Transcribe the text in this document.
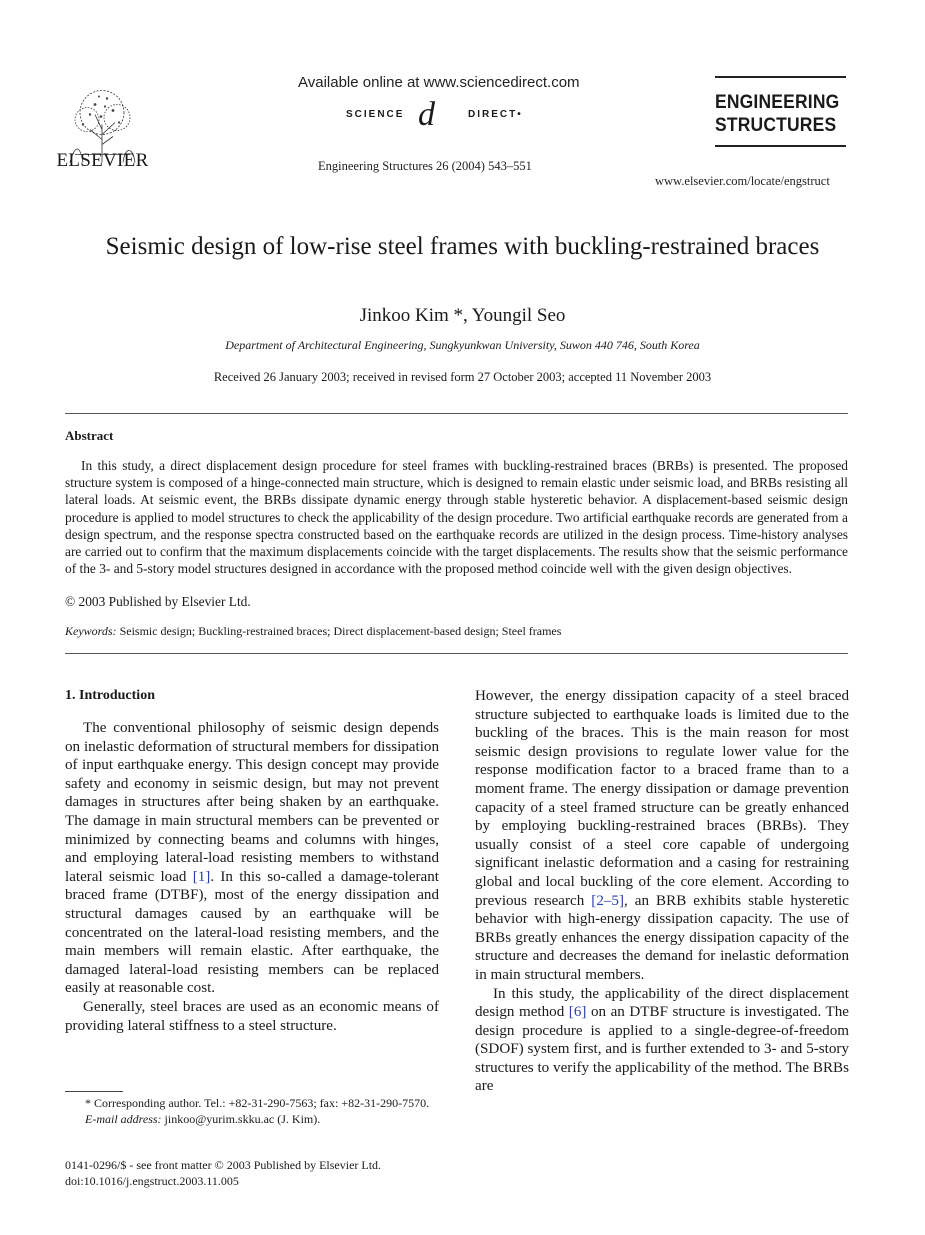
ELSEVIER
Available online at www.sciencedirect.com
SCIENCE d	DIRECT•
Engineering Structures 26 (2004) 543–551
ENGINEERING
STRUCTURES
www.elsevier.com/locate/engstruct
Seismic design of low-rise steel frames with buckling-restrained braces
Jinkoo Kim *, Youngil Seo
Department of Architectural Engineering, Sungkyunkwan University, Suwon 440 746, South Korea
Received 26 January 2003; received in revised form 27 October 2003; accepted 11 November 2003
Abstract
In this study, a direct displacement design procedure for steel frames with buckling-restrained braces (BRBs) is presented. The proposed structure system is composed of a hinge-connected main structure, which is designed to remain elastic under seismic load, and BRBs resisting all lateral loads. At seismic event, the BRBs dissipate dynamic energy through stable hysteretic behavior. A displacement-based seismic design procedure is applied to model structures to check the applicability of the design procedure. Two artificial earthquake records are generated from a design spectrum, and the response spectra constructed based on the earthquake records are utilized in the design process. Time-history analyses are carried out to confirm that the maximum displacements coincide with the target displacements. The results show that the seismic performance of the 3- and 5-story model structures designed in accordance with the proposed method coincide well with the given design objectives.
© 2003 Published by Elsevier Ltd.
Keywords: Seismic design; Buckling-restrained braces; Direct displacement-based design; Steel frames
1. Introduction

The conventional philosophy of seismic design depends on inelastic deformation of structural members for dissipation of input earthquake energy. This design concept may provide safety and economy in seismic design, but may not prevent damages in structures after being shaken by an earthquake. The damage in main structural members can be prevented or minimized by connecting beams and columns with hinges, and employing lateral-load resisting members to withstand lateral seismic load [1]. In this so-called a damage-tolerant braced frame (DTBF), most of the energy dissipation and structural damages caused by an earthquake will be concentrated on the lateral-load resisting members, and the main members will remain elastic. After earthquake, the damaged lateral-load resisting members can be replaced easily at reasonable cost.

Generally, steel braces are used as an economic means of providing lateral stiffness to a steel structure.

However, the energy dissipation capacity of a steel braced structure subjected to earthquake loads is limited due to the buckling of the braces. This is the main reason for most seismic design provisions to regulate lower value for the response modification factor to a braced frame than to a moment frame. The energy dissipation or damage prevention capacity of a steel framed structure can be greatly enhanced by employing buckling-restrained braces (BRBs). They usually consist of a steel core capable of undergoing significant inelastic deformation and a casing for restraining global and local buckling of the core element. According to previous research [2–5], an BRB exhibits stable hysteretic behavior with high-energy dissipation capacity. The use of BRBs greatly enhances the energy dissipation capacity of the structure and decreases the demand for inelastic deformation in main structural members.

In this study, the applicability of the direct displacement design method [6] on an DTBF structure is investigated. The design procedure is applied to a single-degree-of-freedom (SDOF) system first, and is further extended to 3- and 5-story structures to verify the applicability of the method. The BRBs are

* Corresponding author. Tel.: +82-31-290-7563; fax: +82-31-290-7570.
E-mail address: jinkoo@yurim.skku.ac (J. Kim).
0141-0296/$ - see front matter © 2003 Published by Elsevier Ltd.
doi:10.1016/j.engstruct.2003.11.005
